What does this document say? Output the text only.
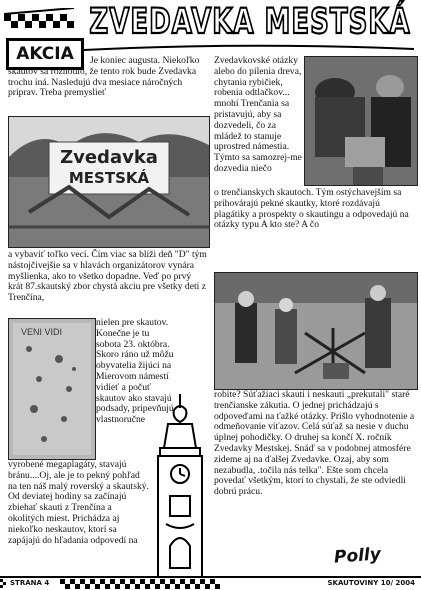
AKCIA
ZVEDAVKA MESTSKÁ

Je koniec augusta. Niekoľko skautov sa rozhodlo, že tento rok bude Zvedavka trochu iná. Nasledujú dva mesiace náročných príprav. Treba premyslieť

Zvedavka
MESTSKÁ

a vybaviť toľko vecí. Čím viac sa blíži deň "D" tým nástojčivejšie sa v hlavách organizátorov vynára myšlienka, ako to všetko dopadne. Veď po prvý krát 87.skautský zbor chystá akciu pre všetky deti z Trenčína,

VENI VIDI

nielen pre skautov. Konečne je tu sobota 23. októbra. Skoro ráno už môžu obyvatelia žijúci na Mierovom námestí vidieť a počuť skautov ako stavajú podsady, pripevňujú vlastnoručne

vyrobené megaplagáty, stavajú bránu....Oj, ale je to pekný pohľad na ten náš malý roverský a skautský. Od deviatej hodiny sa začínajú zbiehať skauti z Trenčína a okolitých miest. Prichádza aj niekoľko neskautov, ktorí sa zapájajú do hľadania odpovedí na

Zvedavkovské otázky alebo do pílenia dreva, chytania rybičiek, robenia odtlačkov... mnohí Trenčania sa pristavujú, aby sa dozvedeli, čo za mládež to stanuje uprostred námestia. Týmto sa samozrej-me dozvedia niečo

o trenčianskych skautoch. Tým ostýchavejším sa prihovárajú pekné skautky, ktoré rozdávajú plagátiky a prospekty o skautingu a odpovedajú na otázky typu A kto ste? A čo

robite? Súťažiaci skauti i neskauti „prekutali" staré trenčianske zákutia. O jednej prichádzajú s odpoveďami na ťažké otázky. Prišlo vyhodnotenie a odmeňovanie víťazov. Celá súťaž sa nesie v duchu úplnej pohodičky. O druhej sa končí X. ročník Zvedavky Mestskej. Snáď sa v podobnej atmosfére zideme aj na ďalšej Zvedavke. Ozaj, aby som nezabudla, .točila nás telka". Ešte som chcela povedať všetkým, ktorí to chystali, že ste odviedli dobrú prácu.

Polly
STRANA 4	SKAUTOVINY 10/ 2004
